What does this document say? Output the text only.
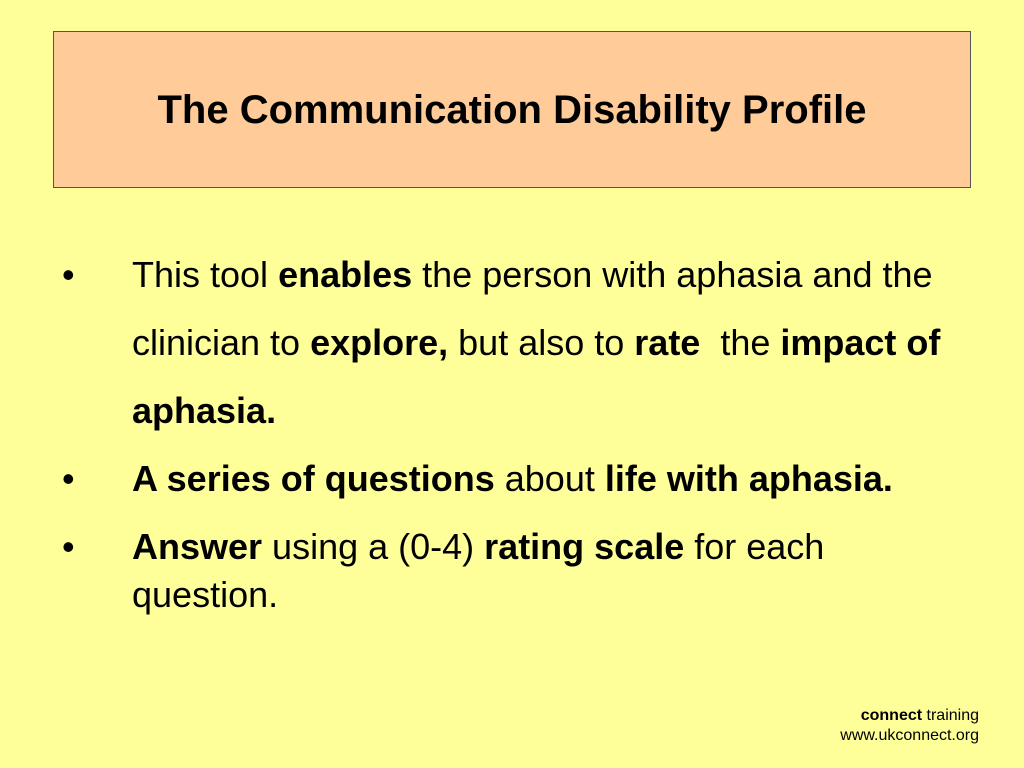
The Communication Disability Profile
•	This tool enables the person with aphasia and the clinician to explore, but also to rate  the impact of aphasia.
•	A series of questions about life with aphasia.
•	Answer using a (0-4) rating scale for each question.
connect training
www.ukconnect.org
